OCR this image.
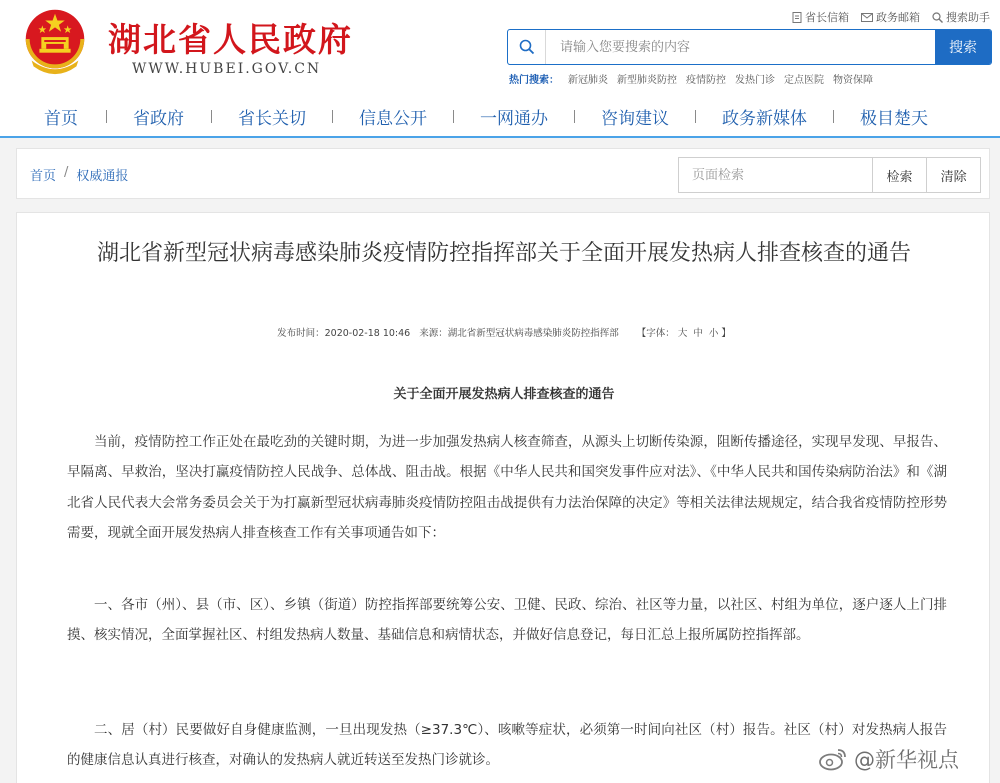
湖北省人民政府
WWW.HUBEI.GOV.CN
省长信箱 政务邮箱 搜索助手
请输入您要搜索的内容
搜索
热门搜索： 新冠肺炎 新型肺炎防控 疫情防控 发热门诊 定点医院 物资保障
首页	省政府	省长关切	信息公开	一网通办	咨询建议	政务新媒体	极目楚天
首页 / 权威通报
页面检索	检索	清除
湖北省新型冠状病毒感染肺炎疫情防控指挥部关于全面开展发热病人排查核查的通告
发布时间：2020-02-18 10:46 来源：湖北省新型冠状病毒感染肺炎防控指挥部 【字体： 大 中 小 】
关于全面开展发热病人排查核查的通告

当前，疫情防控工作正处在最吃劲的关键时期，为进一步加强发热病人核查筛查，从源头上切断传染源，阻断传播途径，实现早发现、早报告、早隔离、早救治，坚决打赢疫情防控人民战争、总体战、阻击战。根据《中华人民共和国突发事件应对法》、《中华人民共和国传染病防治法》和《湖北省人民代表大会常务委员会关于为打赢新型冠状病毒肺炎疫情防控阻击战提供有力法治保障的决定》等相关法律法规规定，结合我省疫情防控形势需要，现就全面开展发热病人排查核查工作有关事项通告如下：

一、各市（州）、县（市、区）、乡镇（街道）防控指挥部要统筹公安、卫健、民政、综治、社区等力量，以社区、村组为单位，逐户逐人上门排摸、核实情况，全面掌握社区、村组发热病人数量、基础信息和病情状态，并做好信息登记，每日汇总上报所属防控指挥部。

二、居（村）民要做好自身健康监测，一旦出现发热（≥37.3℃）、咳嗽等症状，必须第一时间向社区（村）报告。社区（村）对发热病人报告的健康信息认真进行核查，对确认的发热病人就近转送至发热门诊就诊。	@新华视点
